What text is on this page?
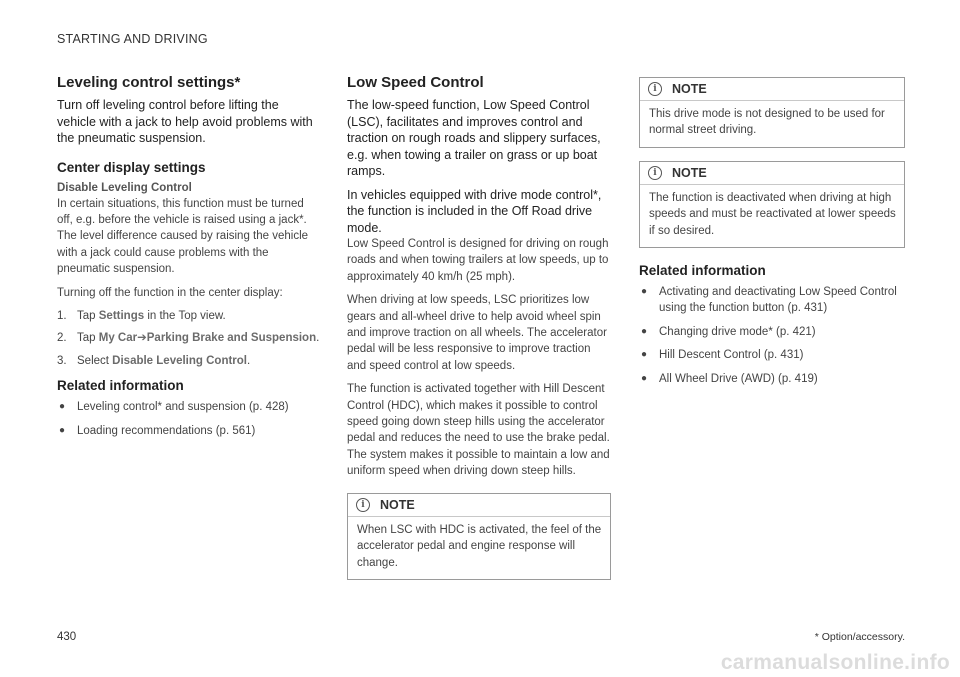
STARTING AND DRIVING
Leveling control settings*

Turn off leveling control before lifting the vehicle with a jack to help avoid problems with the pneumatic suspension.

Center display settings
Disable Leveling Control

In certain situations, this function must be turned off, e.g. before the vehicle is raised using a jack*. The level difference caused by raising the vehicle with a jack could cause problems with the pneumatic suspension.

Turning off the function in the center display:

1. Tap Settings in the Top view.
2. Tap My Car➔Parking Brake and Suspension.
3. Select Disable Leveling Control.
Related information
●	Leveling control* and suspension (p. 428)
●	Loading recommendations (p. 561)
Low Speed Control

The low-speed function, Low Speed Control (LSC), facilitates and improves control and traction on rough roads and slippery surfaces, e.g. when towing a trailer on grass or up boat ramps.

In vehicles equipped with drive mode control*, the function is included in the Off Road drive mode.

Low Speed Control is designed for driving on rough roads and when towing trailers at low speeds, up to approximately 40 km/h (25 mph).

When driving at low speeds, LSC prioritizes low gears and all-wheel drive to help avoid wheel spin and improve traction on all wheels. The accelerator pedal will be less responsive to improve traction and speed control at low speeds.

The function is activated together with Hill Descent Control (HDC), which makes it possible to control speed going down steep hills using the accelerator pedal and reduces the need to use the brake pedal. The system makes it possible to maintain a low and uniform speed when driving down steep hills.

i	NOTE
When LSC with HDC is activated, the feel of the accelerator pedal and engine response will change.
i	NOTE
This drive mode is not designed to be used for normal street driving.
i	NOTE
The function is deactivated when driving at high speeds and must be reactivated at lower speeds if so desired.
Related information
●	Activating and deactivating Low Speed Control using the function button (p. 431)
●	Changing drive mode* (p. 421)
●	Hill Descent Control (p. 431)
●	All Wheel Drive (AWD) (p. 419)
430	* Option/accessory.
carmanualsonline.info
